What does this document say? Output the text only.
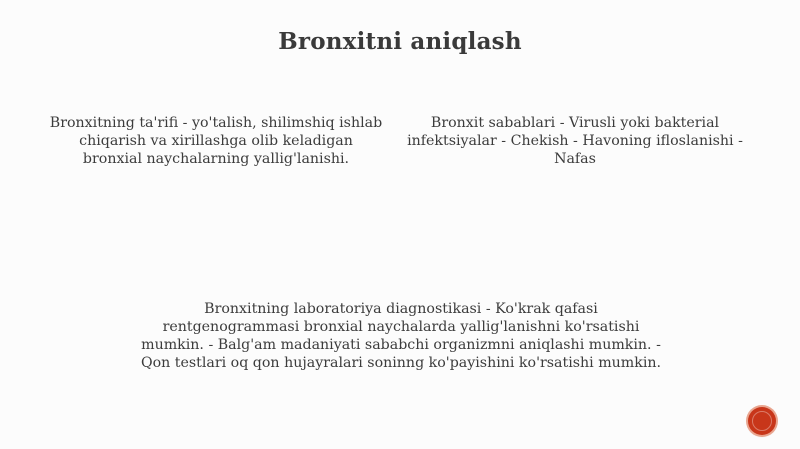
Bronxitni aniqlash
Bronxitning ta'rifi - yo'talish, shilimshiq ishlab chiqarish va xirillashga olib keladigan bronxial naychalarning yallig'lanishi.
Bronxit sabablari - Virusli yoki bakterial infektsiyalar - Chekish - Havoning ifloslanishi - Nafas
Bronxitning laboratoriya diagnostikasi - Ko'krak qafasi rentgenogrammasi bronxial naychalarda yallig'lanishni ko'rsatishi mumkin. - Balg'am madaniyati sababchi organizmni aniqlashi mumkin. - Qon testlari oq qon hujayralari soninng ko'payishini ko'rsatishi mumkin.
